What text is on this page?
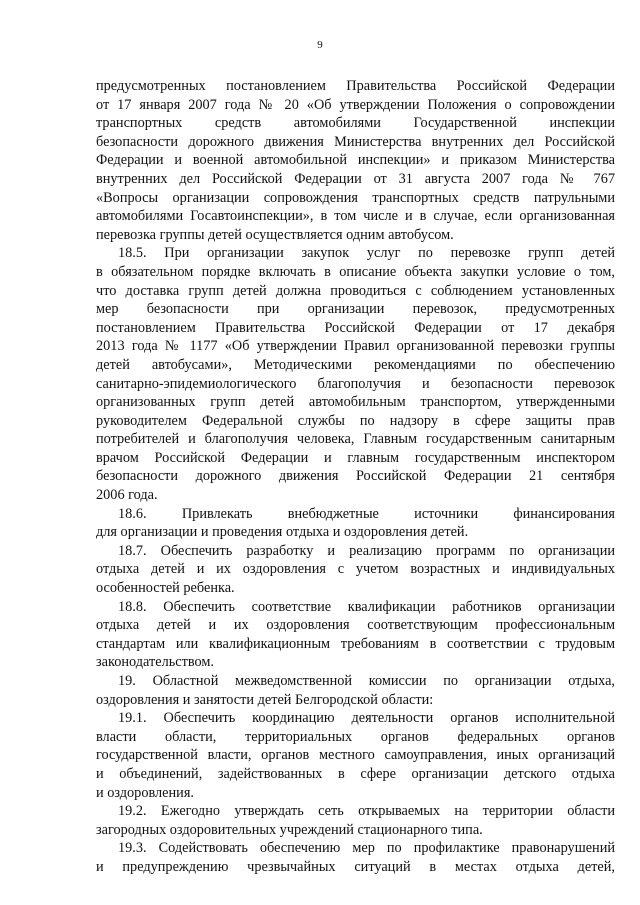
9
предусмотренных постановлением Правительства Российской Федерации
от 17 января 2007 года № 20 «Об утверждении Положения о сопровождении
транспортных средств автомобилями Государственной инспекции
безопасности дорожного движения Министерства внутренних дел Российской
Федерации и военной автомобильной инспекции» и приказом Министерства
внутренних дел Российской Федерации от 31 августа 2007 года № 767
«Вопросы организации сопровождения транспортных средств патрульными
автомобилями Госавтоинспекции», в том числе и в случае, если организованная
перевозка группы детей осуществляется одним автобусом.
18.5. При организации закупок услуг по перевозке групп детей
в обязательном порядке включать в описание объекта закупки условие о том,
что доставка групп детей должна проводиться с соблюдением установленных
мер безопасности при организации перевозок, предусмотренных
постановлением Правительства Российской Федерации от 17 декабря
2013 года № 1177 «Об утверждении Правил организованной перевозки группы
детей автобусами», Методическими рекомендациями по обеспечению
санитарно-эпидемиологического благополучия и безопасности перевозок
организованных групп детей автомобильным транспортом, утвержденными
руководителем Федеральной службы по надзору в сфере защиты прав
потребителей и благополучия человека, Главным государственным санитарным
врачом Российской Федерации и главным государственным инспектором
безопасности дорожного движения Российской Федерации 21 сентября
2006 года.
18.6. Привлекать внебюджетные источники финансирования
для организации и проведения отдыха и оздоровления детей.
18.7. Обеспечить разработку и реализацию программ по организации
отдыха детей и их оздоровления с учетом возрастных и индивидуальных
особенностей ребенка.
18.8. Обеспечить соответствие квалификации работников организации
отдыха детей и их оздоровления соответствующим профессиональным
стандартам или квалификационным требованиям в соответствии с трудовым
законодательством.
19. Областной межведомственной комиссии по организации отдыха,
оздоровления и занятости детей Белгородской области:
19.1. Обеспечить координацию деятельности органов исполнительной
власти области, территориальных органов федеральных органов
государственной власти, органов местного самоуправления, иных организаций
и объединений, задействованных в сфере организации детского отдыха
и оздоровления.
19.2. Ежегодно утверждать сеть открываемых на территории области
загородных оздоровительных учреждений стационарного типа.
19.3. Содействовать обеспечению мер по профилактике правонарушений
и предупреждению чрезвычайных ситуаций в местах отдыха детей,
